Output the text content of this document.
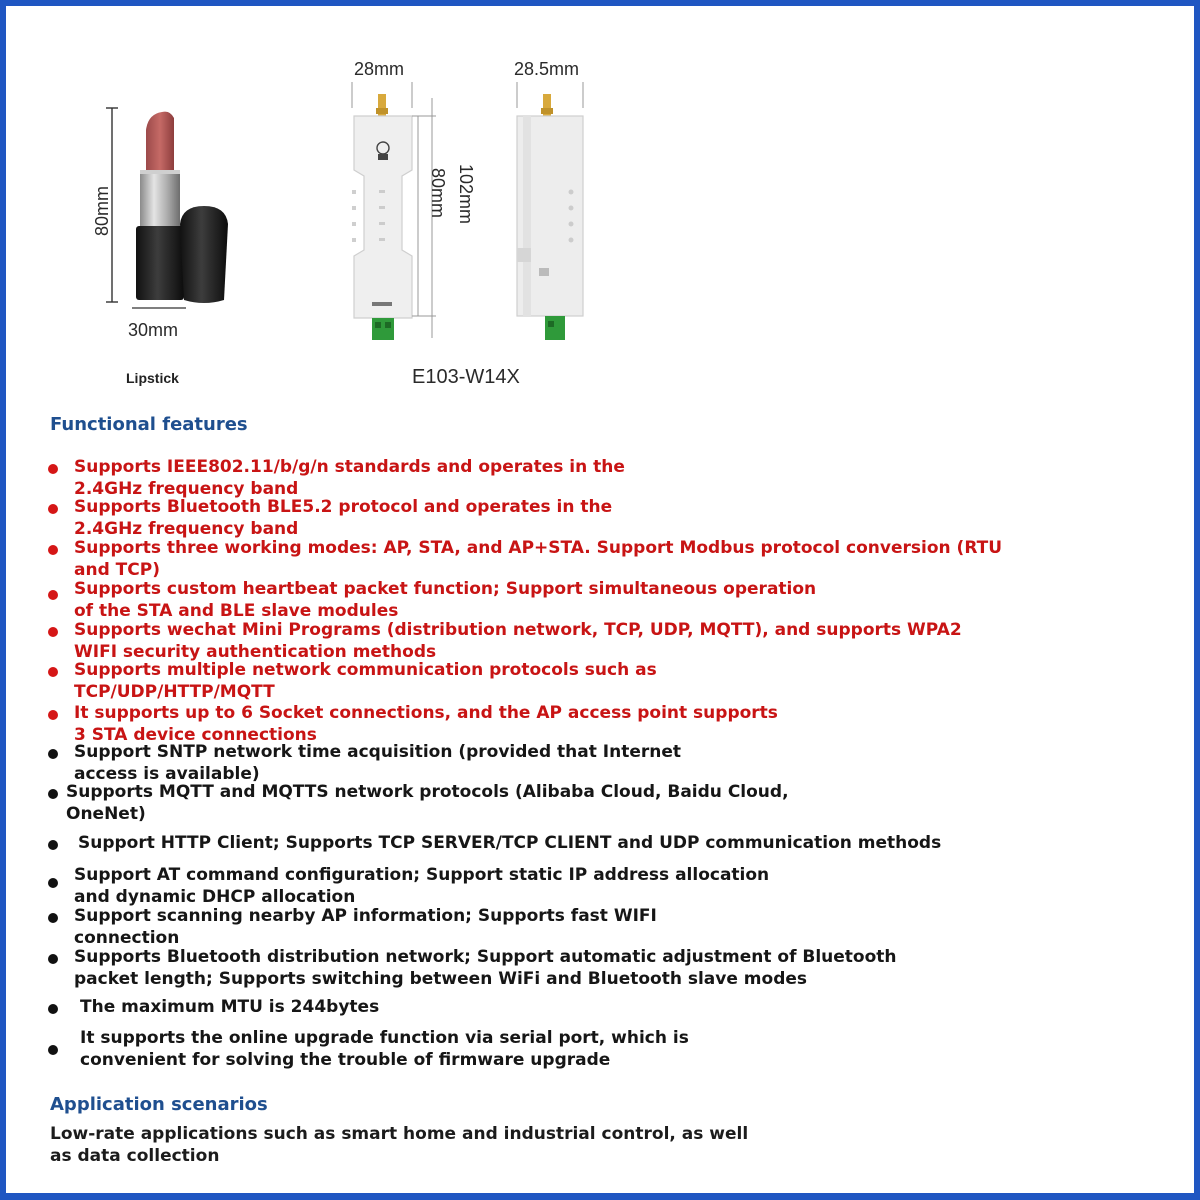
80mm
30mm
Lipstick
28mm
80mm 102mm
28.5mm
E103-W14X
Functional features
Supports IEEE802.11/b/g/n standards and operates in the
2.4GHz frequency band
Supports Bluetooth BLE5.2 protocol and operates in the
2.4GHz frequency band
Supports three working modes: AP, STA, and AP+STA. Support Modbus protocol conversion (RTU
and TCP)
Supports custom heartbeat packet function; Support simultaneous operation
of the STA and BLE slave modules
Supports wechat Mini Programs (distribution network, TCP, UDP, MQTT), and supports WPA2
WIFI security authentication methods
Supports multiple network communication protocols such as
TCP/UDP/HTTP/MQTT
It supports up to 6 Socket connections, and the AP access point supports
3 STA device connections
Support SNTP network time acquisition (provided that Internet
access is available)
Supports MQTT and MQTTS network protocols (Alibaba Cloud, Baidu Cloud,
OneNet)
Support HTTP Client; Supports TCP SERVER/TCP CLIENT and UDP communication methods
Support AT command configuration; Support static IP address allocation
and dynamic DHCP allocation
Support scanning nearby AP information; Supports fast WIFI
connection
Supports Bluetooth distribution network; Support automatic adjustment of Bluetooth
packet length; Supports switching between WiFi and Bluetooth slave modes
The maximum MTU is 244bytes
It supports the online upgrade function via serial port, which is
convenient for solving the trouble of firmware upgrade
Application scenarios
Low-rate applications such as smart home and industrial control, as well
as data collection
